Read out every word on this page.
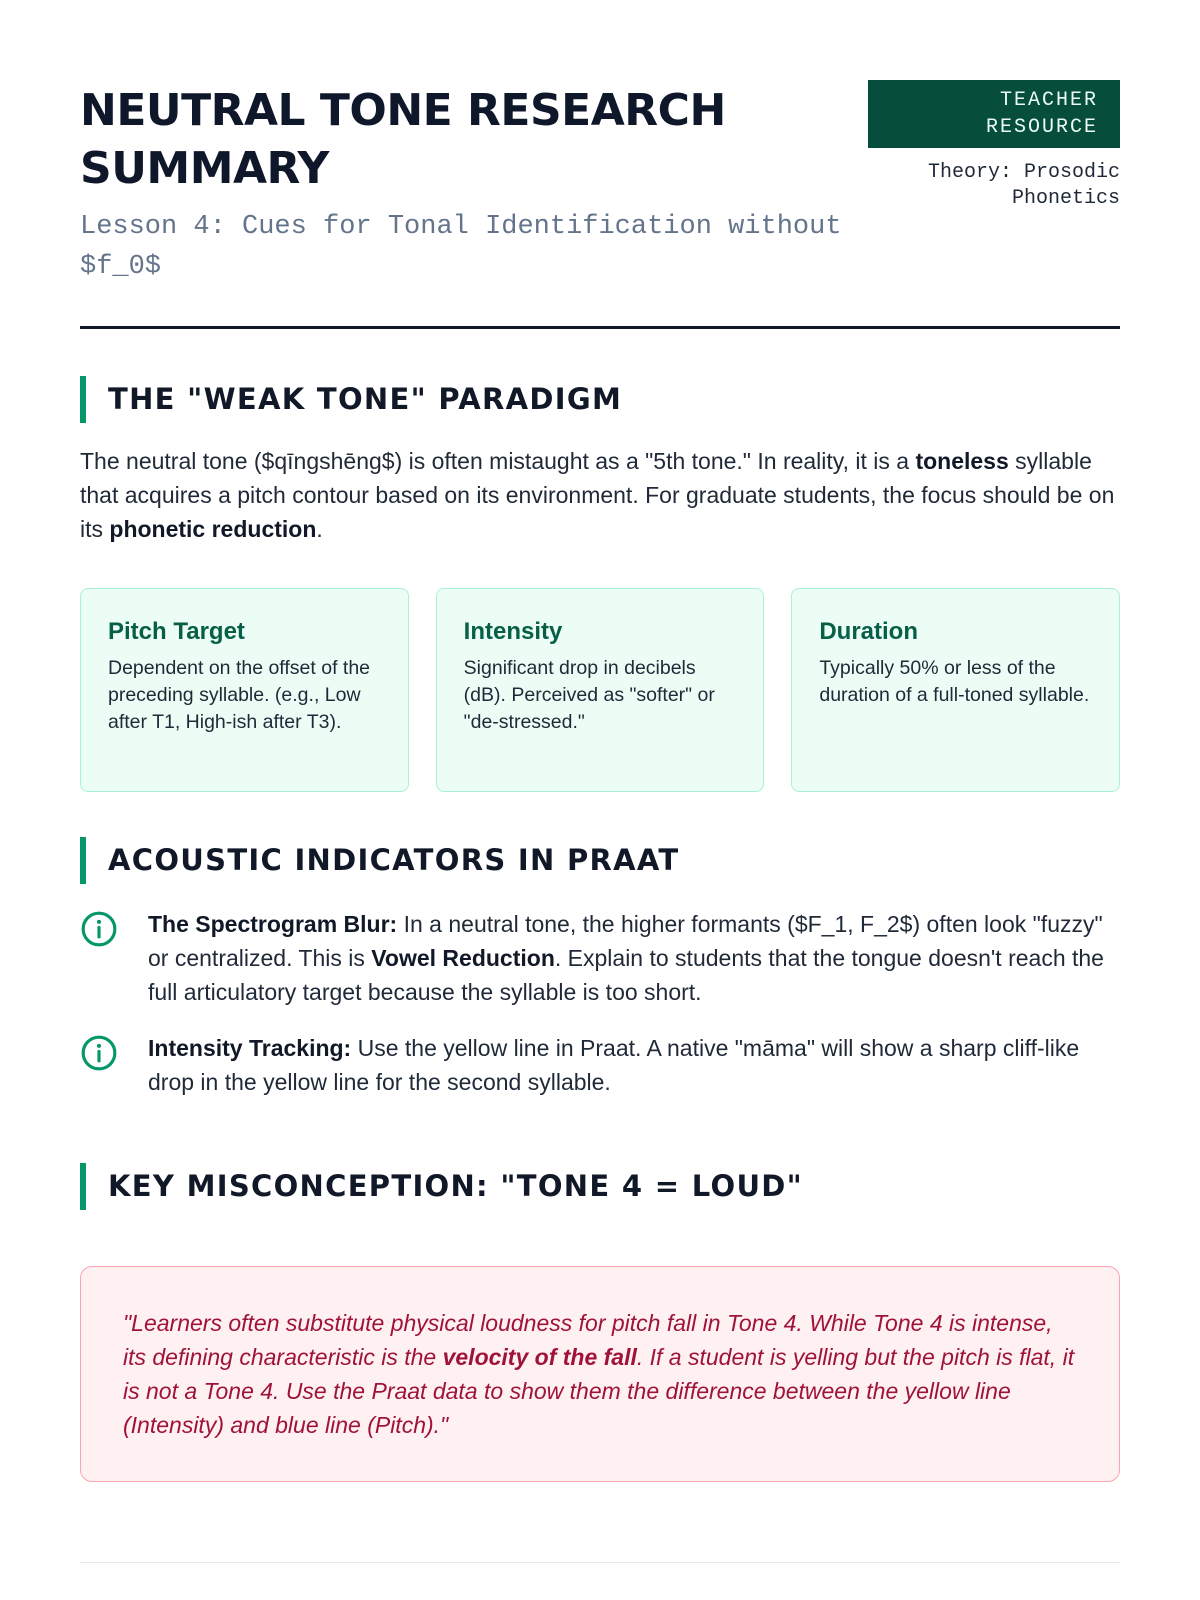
NEUTRAL TONE RESEARCH SUMMARY
Lesson 4: Cues for Tonal Identification without $f_0$
TEACHER RESOURCE
Theory: Prosodic Phonetics
THE "WEAK TONE" PARADIGM

The neutral tone ($qīngshēng$) is often mistaught as a "5th tone." In reality, it is a toneless syllable that acquires a pitch contour based on its environment. For graduate students, the focus should be on its phonetic reduction.

Pitch Target
Dependent on the offset of the preceding syllable. (e.g., Low after T1, High-ish after T3).
Intensity
Significant drop in decibels (dB). Perceived as "softer" or "de-stressed."
Duration
Typically 50% or less of the duration of a full-toned syllable.
ACOUSTIC INDICATORS IN PRAAT

The Spectrogram Blur: In a neutral tone, the higher formants ($F_1, F_2$) often look "fuzzy" or centralized. This is Vowel Reduction. Explain to students that the tongue doesn't reach the full articulatory target because the syllable is too short.

Intensity Tracking: Use the yellow line in Praat. A native "māma" will show a sharp cliff-like drop in the yellow line for the second syllable.

KEY MISCONCEPTION: "TONE 4 = LOUD"

"Learners often substitute physical loudness for pitch fall in Tone 4. While Tone 4 is intense, its defining characteristic is the velocity of the fall. If a student is yelling but the pitch is flat, it is not a Tone 4. Use the Praat data to show them the difference between the yellow line (Intensity) and blue line (Pitch)."
